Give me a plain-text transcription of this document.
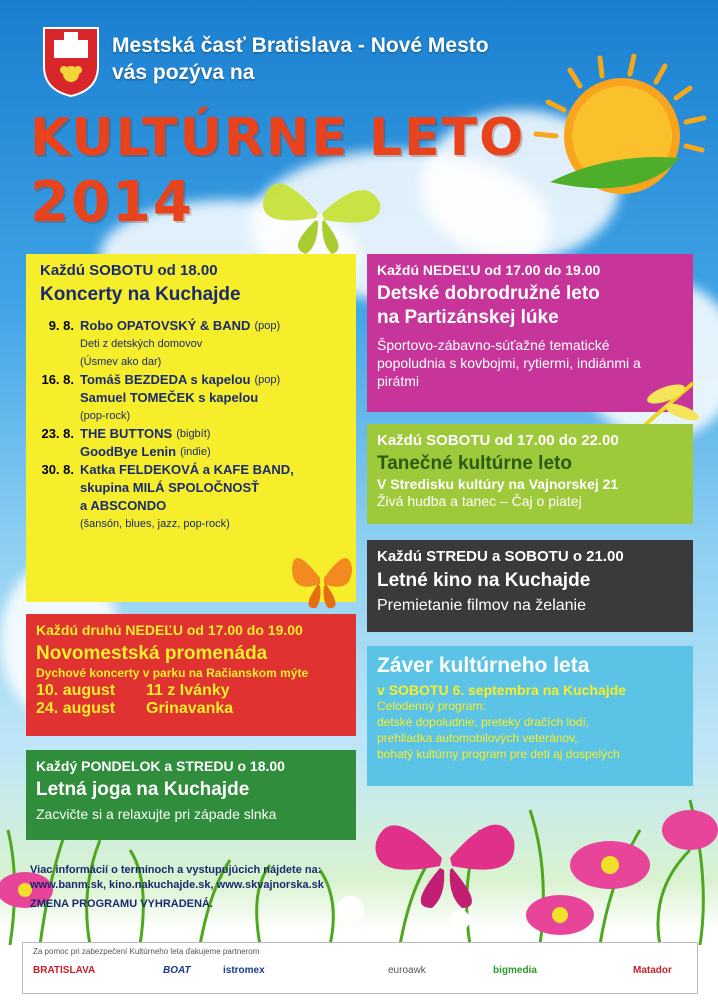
Mestská časť Bratislava - Nové Mesto
vás pozýva na
KULTÚRNE LETO
2014
Každú SOBOTU od 18.00
Koncerty na Kuchajde
9. 8. Robo OPATOVSKÝ & BAND (pop)
Deti z detských domovov
(Úsmev ako dar)
16. 8. Tomáš BEZDEDA s kapelou (pop)
Samuel TOMEČEK s kapelou
(pop-rock)
23. 8. THE BUTTONS (bigbít)
GoodBye Lenin (indie)
30. 8. Katka FELDEKOVÁ a KAFE BAND,
skupina MILÁ SPOLOČNOSŤ
a ABSCONDO
(šansón, blues, jazz, pop-rock)
Každú NEDEĽU od 17.00 do 19.00
Detské dobrodružné leto
na Partizánskej lúke
Športovo-zábavno-súťažné tematické popoludnia s kovbojmi, rytiermi, indiánmi a pirátmi
Každú SOBOTU od 17.00 do 22.00
Tanečné kultúrne leto
V Stredisku kultúry na Vajnorskej 21
Živá hudba a tanec – Čaj o piatej
Každú STREDU a SOBOTU o 21.00
Letné kino na Kuchajde
Premietanie filmov na želanie
Každú druhú NEDEĽU od 17.00 do 19.00
Novomestská promenáda
Dychové koncerty v parku na Račianskom mýte
10. august	11 z Ivánky
24. august	Grinavanka
Záver kultúrneho leta
v SOBOTU 6. septembra na Kuchajde
Celodenný program:
detské dopoludnie, preteky dračích lodí,
prehliadka automobilových veteránov,
bohatý kultúrny program pre deti aj dospelých
Každý PONDELOK a STREDU o 18.00
Letná joga na Kuchajde
Zacvičte si a relaxujte pri západe slnka
Viac informácií o termínoch a vystupujúcich nájdete na:
www.banm.sk, kino.nakuchajde.sk, www.skvajnorska.sk
ZMENA PROGRAMU VYHRADENÁ.
Za pomoc pri zabezpečení Kultúrneho leta ďakujeme partnerom
BRATISLAVA	BOAT	istromex	euroawk	bigmedia	Matador
